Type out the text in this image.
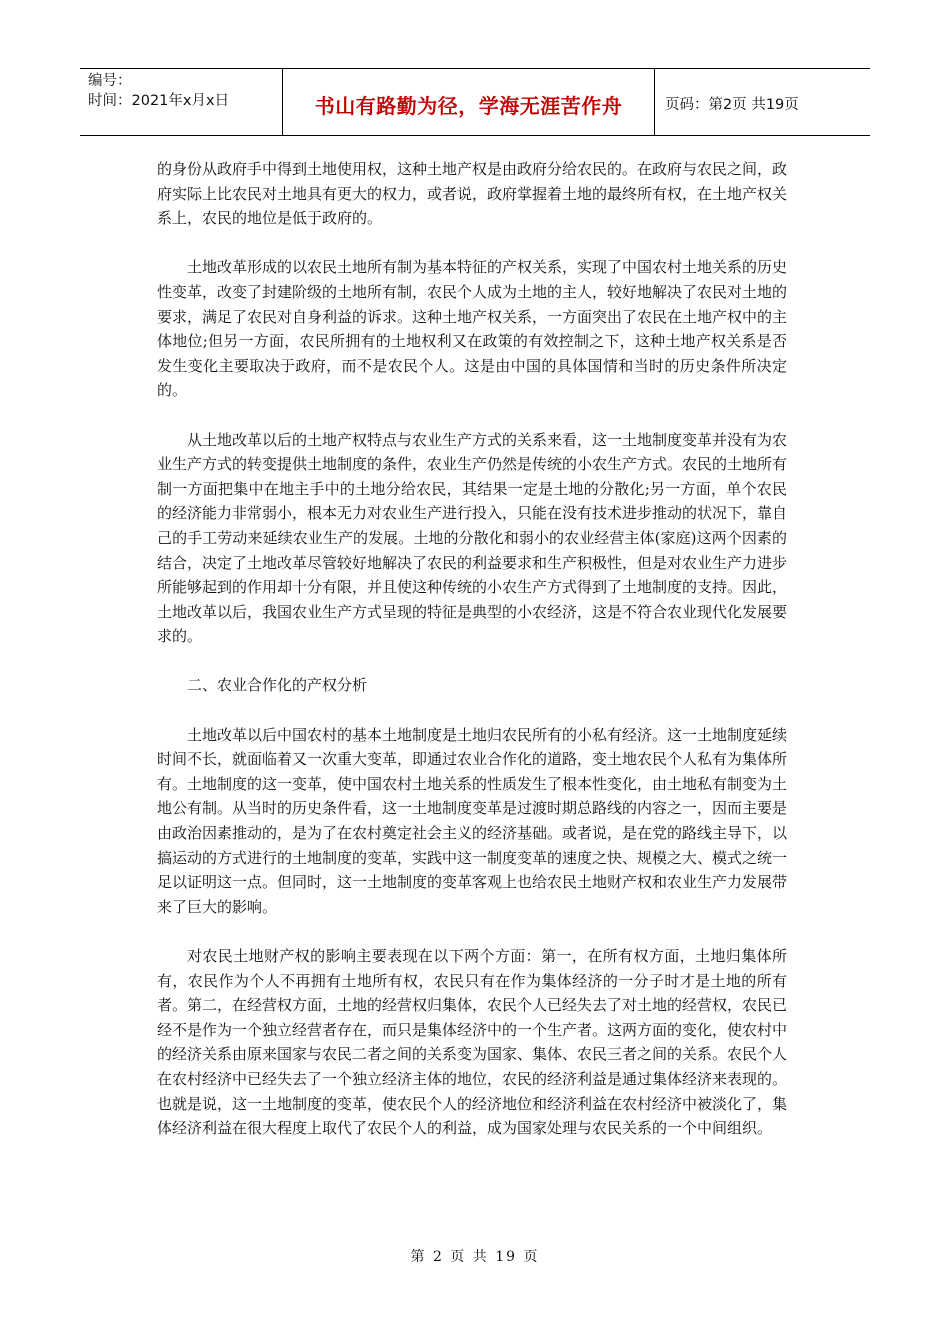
编号：
时间：2021年x月x日	书山有路勤为径，学海无涯苦作舟	页码：第2页 共19页

的身份从政府手中得到土地使用权，这种土地产权是由政府分给农民的。在政府与农民之间，政府实际上比农民对土地具有更大的权力，或者说，政府掌握着土地的最终所有权，在土地产权关系上，农民的地位是低于政府的。

土地改革形成的以农民土地所有制为基本特征的产权关系，实现了中国农村土地关系的历史性变革，改变了封建阶级的土地所有制，农民个人成为土地的主人，较好地解决了农民对土地的要求，满足了农民对自身利益的诉求。这种土地产权关系，一方面突出了农民在土地产权中的主体地位;但另一方面，农民所拥有的土地权利又在政策的有效控制之下，这种土地产权关系是否发生变化主要取决于政府，而不是农民个人。这是由中国的具体国情和当时的历史条件所决定的。

从土地改革以后的土地产权特点与农业生产方式的关系来看，这一土地制度变革并没有为农业生产方式的转变提供土地制度的条件，农业生产仍然是传统的小农生产方式。农民的土地所有制一方面把集中在地主手中的土地分给农民，其结果一定是土地的分散化;另一方面，单个农民的经济能力非常弱小，根本无力对农业生产进行投入，只能在没有技术进步推动的状况下，靠自己的手工劳动来延续农业生产的发展。土地的分散化和弱小的农业经营主体(家庭)这两个因素的结合，决定了土地改革尽管较好地解决了农民的利益要求和生产积极性，但是对农业生产力进步所能够起到的作用却十分有限，并且使这种传统的小农生产方式得到了土地制度的支持。因此，土地改革以后，我国农业生产方式呈现的特征是典型的小农经济，这是不符合农业现代化发展要求的。

二、农业合作化的产权分析

土地改革以后中国农村的基本土地制度是土地归农民所有的小私有经济。这一土地制度延续时间不长，就面临着又一次重大变革，即通过农业合作化的道路，变土地农民个人私有为集体所有。土地制度的这一变革，使中国农村土地关系的性质发生了根本性变化，由土地私有制变为土地公有制。从当时的历史条件看，这一土地制度变革是过渡时期总路线的内容之一，因而主要是由政治因素推动的，是为了在农村奠定社会主义的经济基础。或者说，是在党的路线主导下，以搞运动的方式进行的土地制度的变革，实践中这一制度变革的速度之快、规模之大、模式之统一足以证明这一点。但同时，这一土地制度的变革客观上也给农民土地财产权和农业生产力发展带来了巨大的影响。

对农民土地财产权的影响主要表现在以下两个方面：第一，在所有权方面，土地归集体所有，农民作为个人不再拥有土地所有权，农民只有在作为集体经济的一分子时才是土地的所有者。第二，在经营权方面，土地的经营权归集体，农民个人已经失去了对土地的经营权，农民已经不是作为一个独立经营者存在，而只是集体经济中的一个生产者。这两方面的变化，使农村中的经济关系由原来国家与农民二者之间的关系变为国家、集体、农民三者之间的关系。农民个人在农村经济中已经失去了一个独立经济主体的地位，农民的经济利益是通过集体经济来表现的。也就是说，这一土地制度的变革，使农民个人的经济地位和经济利益在农村经济中被淡化了，集体经济利益在很大程度上取代了农民个人的利益，成为国家处理与农民关系的一个中间组织。

第 2 页 共 19 页
